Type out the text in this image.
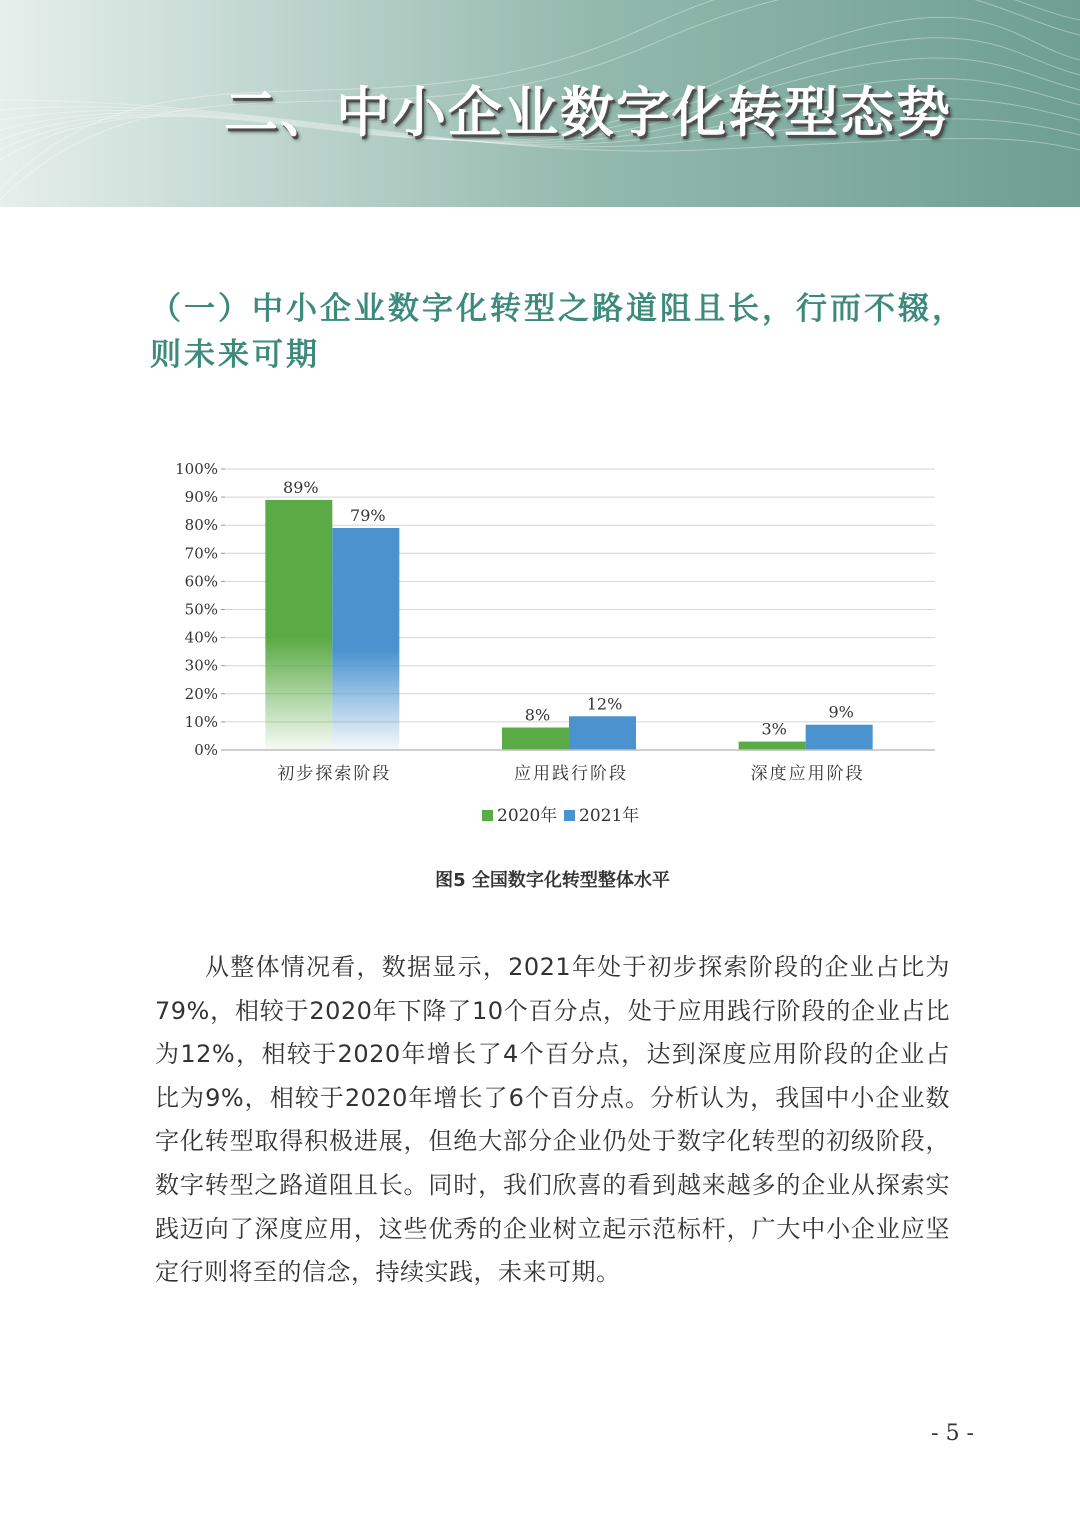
二、中小企业数字化转型态势
（一）中小企业数字化转型之路道阻且长，行而不辍，则未来可期
0%
10%
20%
30%
40%
50%
60%
70%
80%
90%
100%
89%
79%
初步探索阶段
8%
12%
应用践行阶段
3%
9%
深度应用阶段
2020年 2021年
图5 全国数字化转型整体水平
从整体情况看，数据显示，2021年处于初步探索阶段的企业占比为79%，相较于2020年下降了10个百分点，处于应用践行阶段的企业占比为12%，相较于2020年增长了4个百分点，达到深度应用阶段的企业占比为9%，相较于2020年增长了6个百分点。分析认为，我国中小企业数字化转型取得积极进展，但绝大部分企业仍处于数字化转型的初级阶段，数字转型之路道阻且长。同时，我们欣喜的看到越来越多的企业从探索实践迈向了深度应用，这些优秀的企业树立起示范标杆，广大中小企业应坚定行则将至的信念，持续实践，未来可期。
- 5 -
